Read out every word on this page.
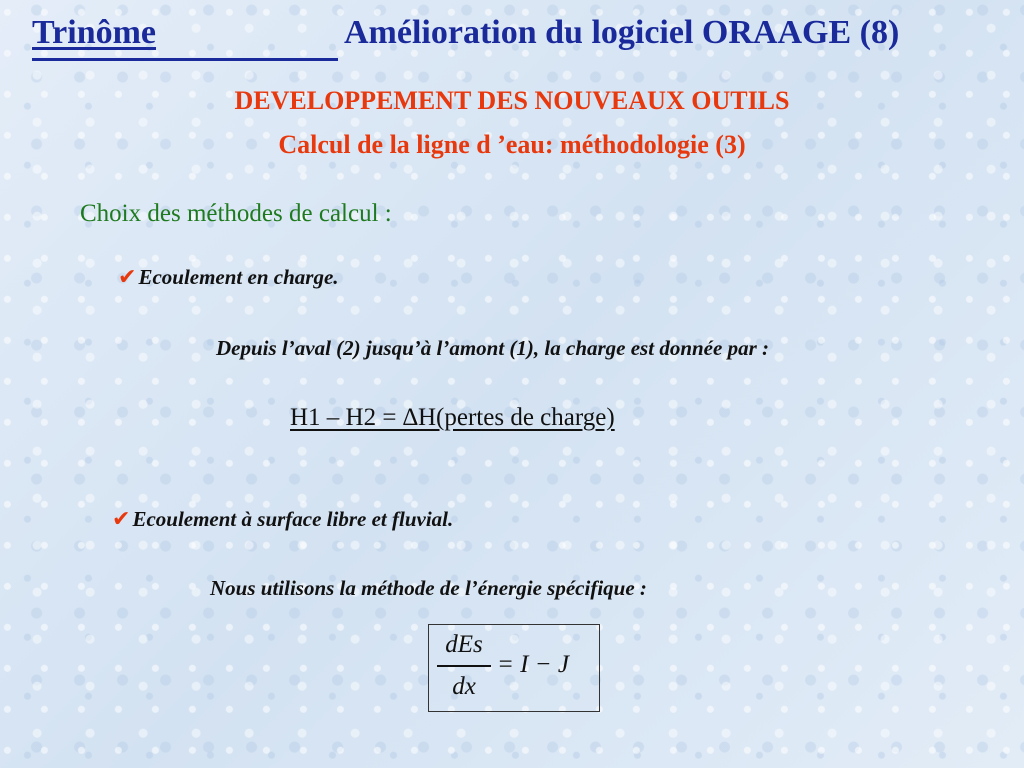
Trinôme	Amélioration du logiciel ORAAGE (8)
DEVELOPPEMENT DES NOUVEAUX OUTILS
Calcul de la ligne d ’eau: méthodologie (3)
Choix des méthodes de calcul :
✔Ecoulement en charge.
Depuis l’aval (2) jusqu’à l’amont (1), la charge est donnée par :
H1 – H2 = ∆H(pertes de charge)
✔Ecoulement à surface libre et fluvial.
Nous utilisons la méthode de l’énergie spécifique :
dEs
dx
= I − J
